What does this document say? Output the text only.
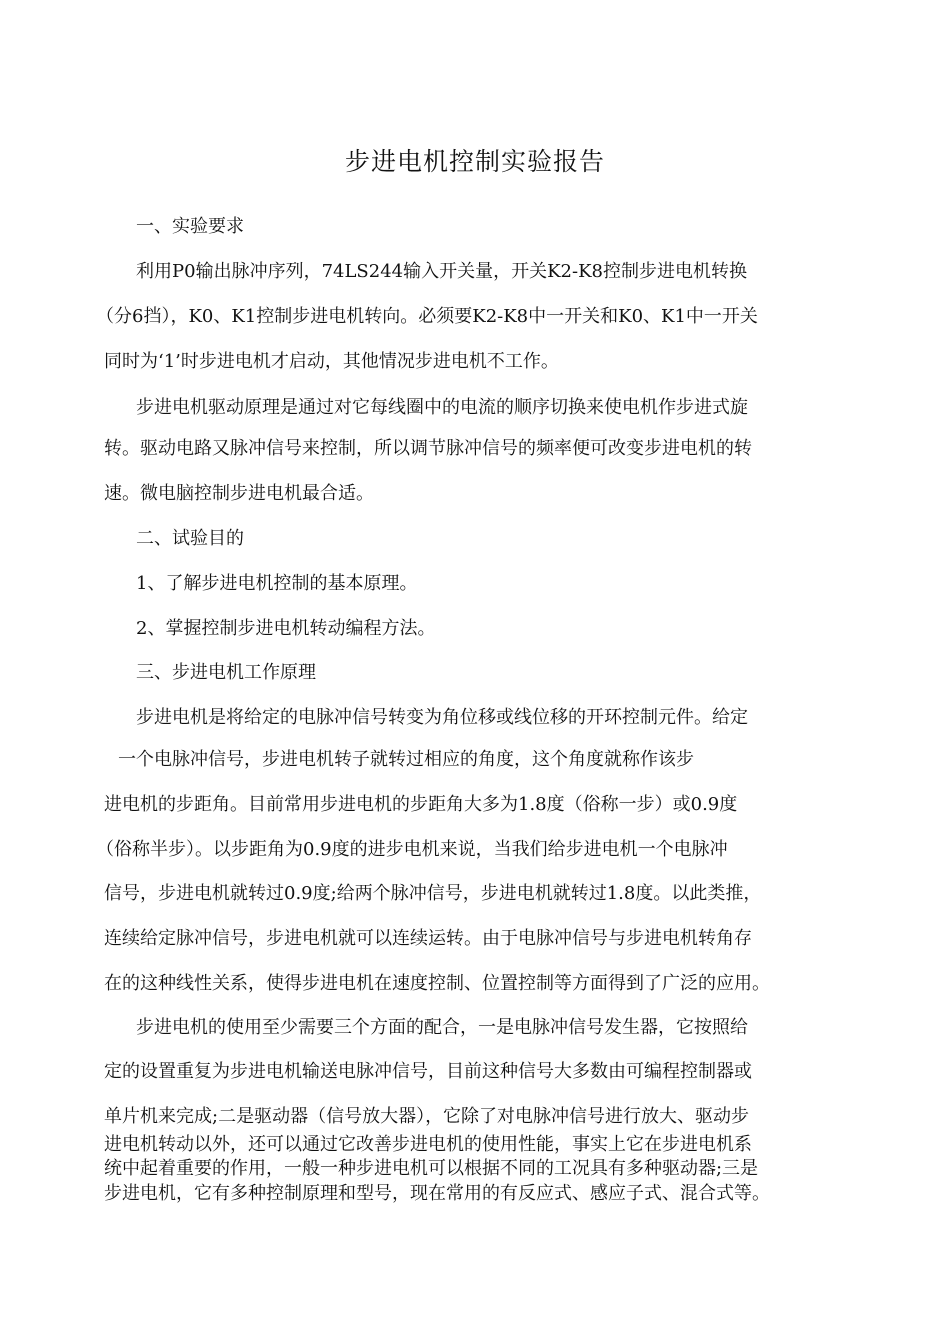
步进电机控制实验报告
一、实验要求
利用P0输出脉冲序列，74LS244输入开关量，开关K2-K8控制步进电机转换
（分6挡），K0、K1控制步进电机转向。必须要K2-K8中一开关和K0、K1中一开关
同时为‘1’时步进电机才启动，其他情况步进电机不工作。
步进电机驱动原理是通过对它每线圈中的电流的顺序切换来使电机作步进式旋
转。驱动电路又脉冲信号来控制，所以调节脉冲信号的频率便可改变步进电机的转
速。微电脑控制步进电机最合适。
二、试验目的
1、了解步进电机控制的基本原理。
2、掌握控制步进电机转动编程方法。
三、步进电机工作原理
步进电机是将给定的电脉冲信号转变为角位移或线位移的开环控制元件。给定
一个电脉冲信号，步进电机转子就转过相应的角度，这个角度就称作该步
进电机的步距角。目前常用步进电机的步距角大多为1.8度（俗称一步）或0.9度
（俗称半步）。以步距角为0.9度的进步电机来说，当我们给步进电机一个电脉冲
信号，步进电机就转过0.9度;给两个脉冲信号，步进电机就转过1.8度。以此类推，
连续给定脉冲信号，步进电机就可以连续运转。由于电脉冲信号与步进电机转角存
在的这种线性关系，使得步进电机在速度控制、位置控制等方面得到了广泛的应用。
步进电机的使用至少需要三个方面的配合，一是电脉冲信号发生器，它按照给
定的设置重复为步进电机输送电脉冲信号，目前这种信号大多数由可编程控制器或
单片机来完成;二是驱动器（信号放大器），它除了对电脉冲信号进行放大、驱动步
进电机转动以外，还可以通过它改善步进电机的使用性能，事实上它在步进电机系
统中起着重要的作用，一般一种步进电机可以根据不同的工况具有多种驱动器;三是
步进电机，它有多种控制原理和型号，现在常用的有反应式、感应子式、混合式等。
